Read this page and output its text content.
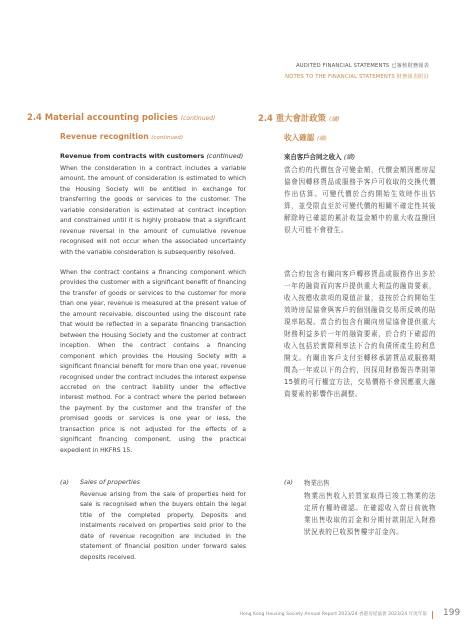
AUDITED FINANCIAL STATEMENTS 已審核財務報表
NOTES TO THE FINANCIAL STATEMENTS 財務報表附註
2.4 Material accounting policies (continued)
Revenue recognition (continued)
Revenue from contracts with customers (continued)
When the consideration in a contract includes a variable amount, the amount of consideration is estimated to which the Housing Society will be entitled in exchange for transferring the goods or services to the customer. The variable consideration is estimated at contract inception and constrained until it is highly probable that a significant revenue reversal in the amount of cumulative revenue recognised will not occur when the associated uncertainty with the variable consideration is subsequently resolved.
When the contract contains a financing component which provides the customer with a significant benefit of financing the transfer of goods or services to the customer for more than one year, revenue is measured at the present value of the amount receivable, discounted using the discount rate that would be reflected in a separate financing transaction between the Housing Society and the customer at contract inception. When the contract contains a financing component which provides the Housing Society with a significant financial benefit for more than one year, revenue recognised under the contract includes the interest expense accreted on the contract liability under the effective interest method. For a contract where the period between the payment by the customer and the transfer of the promised goods or services is one year or less, the transaction price is not adjusted for the effects of a significant financing component, using the practical expedient in HKFRS 15.
(a) Sales of properties
Revenue arising from the sale of properties held for sale is recognised when the buyers obtain the legal title of the completed property. Deposits and instalments received on properties sold prior to the date of revenue recognition are included in the statement of financial position under forward sales deposits received.
2.4 重大會計政策 (續)
收入確認 (續)
來自客戶合同之收入 (續)
當合約的代價包含可變金額，代價金額因應房屋協會因轉移貨品或服務予客戶可收取的交換代價作出估算。可變代價於合約開始生效時作出估算，並受限直至於可變代價的相關不確定性其後解除時已確認的累計收益金額中的重大收益撥回很大可能不會發生。
當合約包含有關向客戶轉移貨品或服務作出多於一年的融資而向客戶提供重大利益的融資要素，收入按應收款項的現值計量，並按於合約開始生效時房屋協會與客戶的個別融資交易所反映的貼現率貼現。當合約包含有關向房屋協會提供重大財務利益多於一年的融資要素，於合約下確認的收入包括於實際利率法下合約負債所產生的利息開支。有關由客戶支付至轉移承諾貨品或服務期間為一年或以下的合約，因採用財務報告準則第15號的可行權宜方法，交易價格不會因應重大融資要素的影響作出調整。
(a) 物業出售
物業出售收入於買家取得已竣工物業的法定所有權時確認。在確認收入當日前就物業出售收取的訂金和分期付款則記入財務狀況表的已收預售樓宇訂金內。
Hong Kong Housing Society Annual Report 2023/24 香港房屋協會 2023/24 年度年報 199
